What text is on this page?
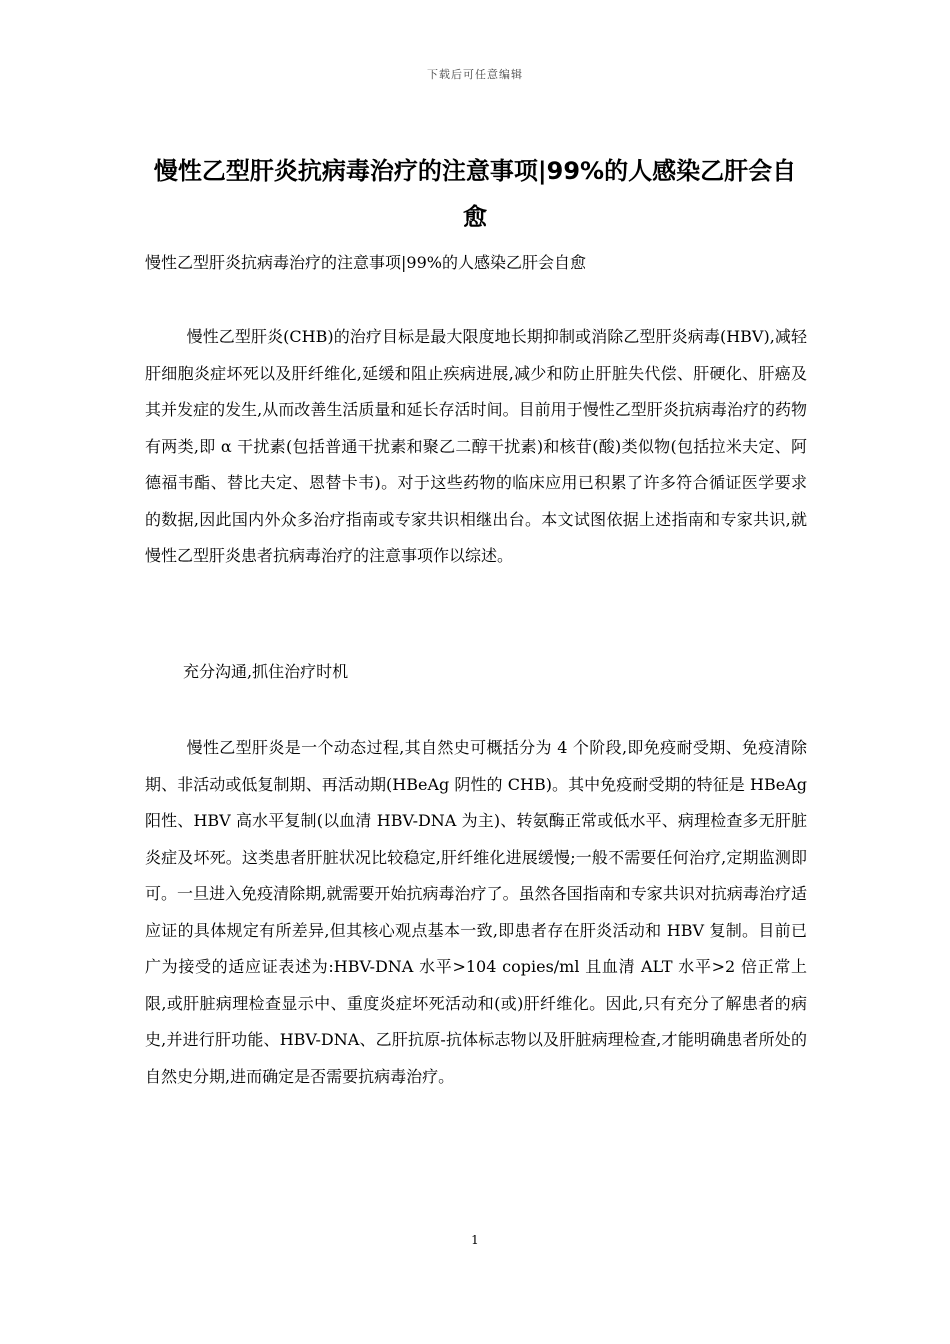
下载后可任意编辑
慢性乙型肝炎抗病毒治疗的注意事项|99%的人感染乙肝会自愈

慢性乙型肝炎抗病毒治疗的注意事项|99%的人感染乙肝会自愈

慢性乙型肝炎(CHB)的治疗目标是最大限度地长期抑制或消除乙型肝炎病毒(HBV),减轻肝细胞炎症坏死以及肝纤维化,延缓和阻止疾病进展,减少和防止肝脏失代偿、肝硬化、肝癌及其并发症的发生,从而改善生活质量和延长存活时间。目前用于慢性乙型肝炎抗病毒治疗的药物有两类,即 α 干扰素(包括普通干扰素和聚乙二醇干扰素)和核苷(酸)类似物(包括拉米夫定、阿德福韦酯、替比夫定、恩替卡韦)。对于这些药物的临床应用已积累了许多符合循证医学要求的数据,因此国内外众多治疗指南或专家共识相继出台。本文试图依据上述指南和专家共识,就慢性乙型肝炎患者抗病毒治疗的注意事项作以综述。

充分沟通,抓住治疗时机

慢性乙型肝炎是一个动态过程,其自然史可概括分为 4 个阶段,即免疫耐受期、免疫清除期、非活动或低复制期、再活动期(HBeAg 阴性的 CHB)。其中免疫耐受期的特征是 HBeAg 阳性、HBV 高水平复制(以血清 HBV-DNA 为主)、转氨酶正常或低水平、病理检查多无肝脏炎症及坏死。这类患者肝脏状况比较稳定,肝纤维化进展缓慢;一般不需要任何治疗,定期监测即可。一旦进入免疫清除期,就需要开始抗病毒治疗了。虽然各国指南和专家共识对抗病毒治疗适应证的具体规定有所差异,但其核心观点基本一致,即患者存在肝炎活动和 HBV 复制。目前已广为接受的适应证表述为:HBV-DNA 水平>104 copies/ml 且血清 ALT 水平>2 倍正常上限,或肝脏病理检查显示中、重度炎症坏死活动和(或)肝纤维化。因此,只有充分了解患者的病史,并进行肝功能、HBV-DNA、乙肝抗原-抗体标志物以及肝脏病理检查,才能明确患者所处的自然史分期,进而确定是否需要抗病毒治疗。

1
